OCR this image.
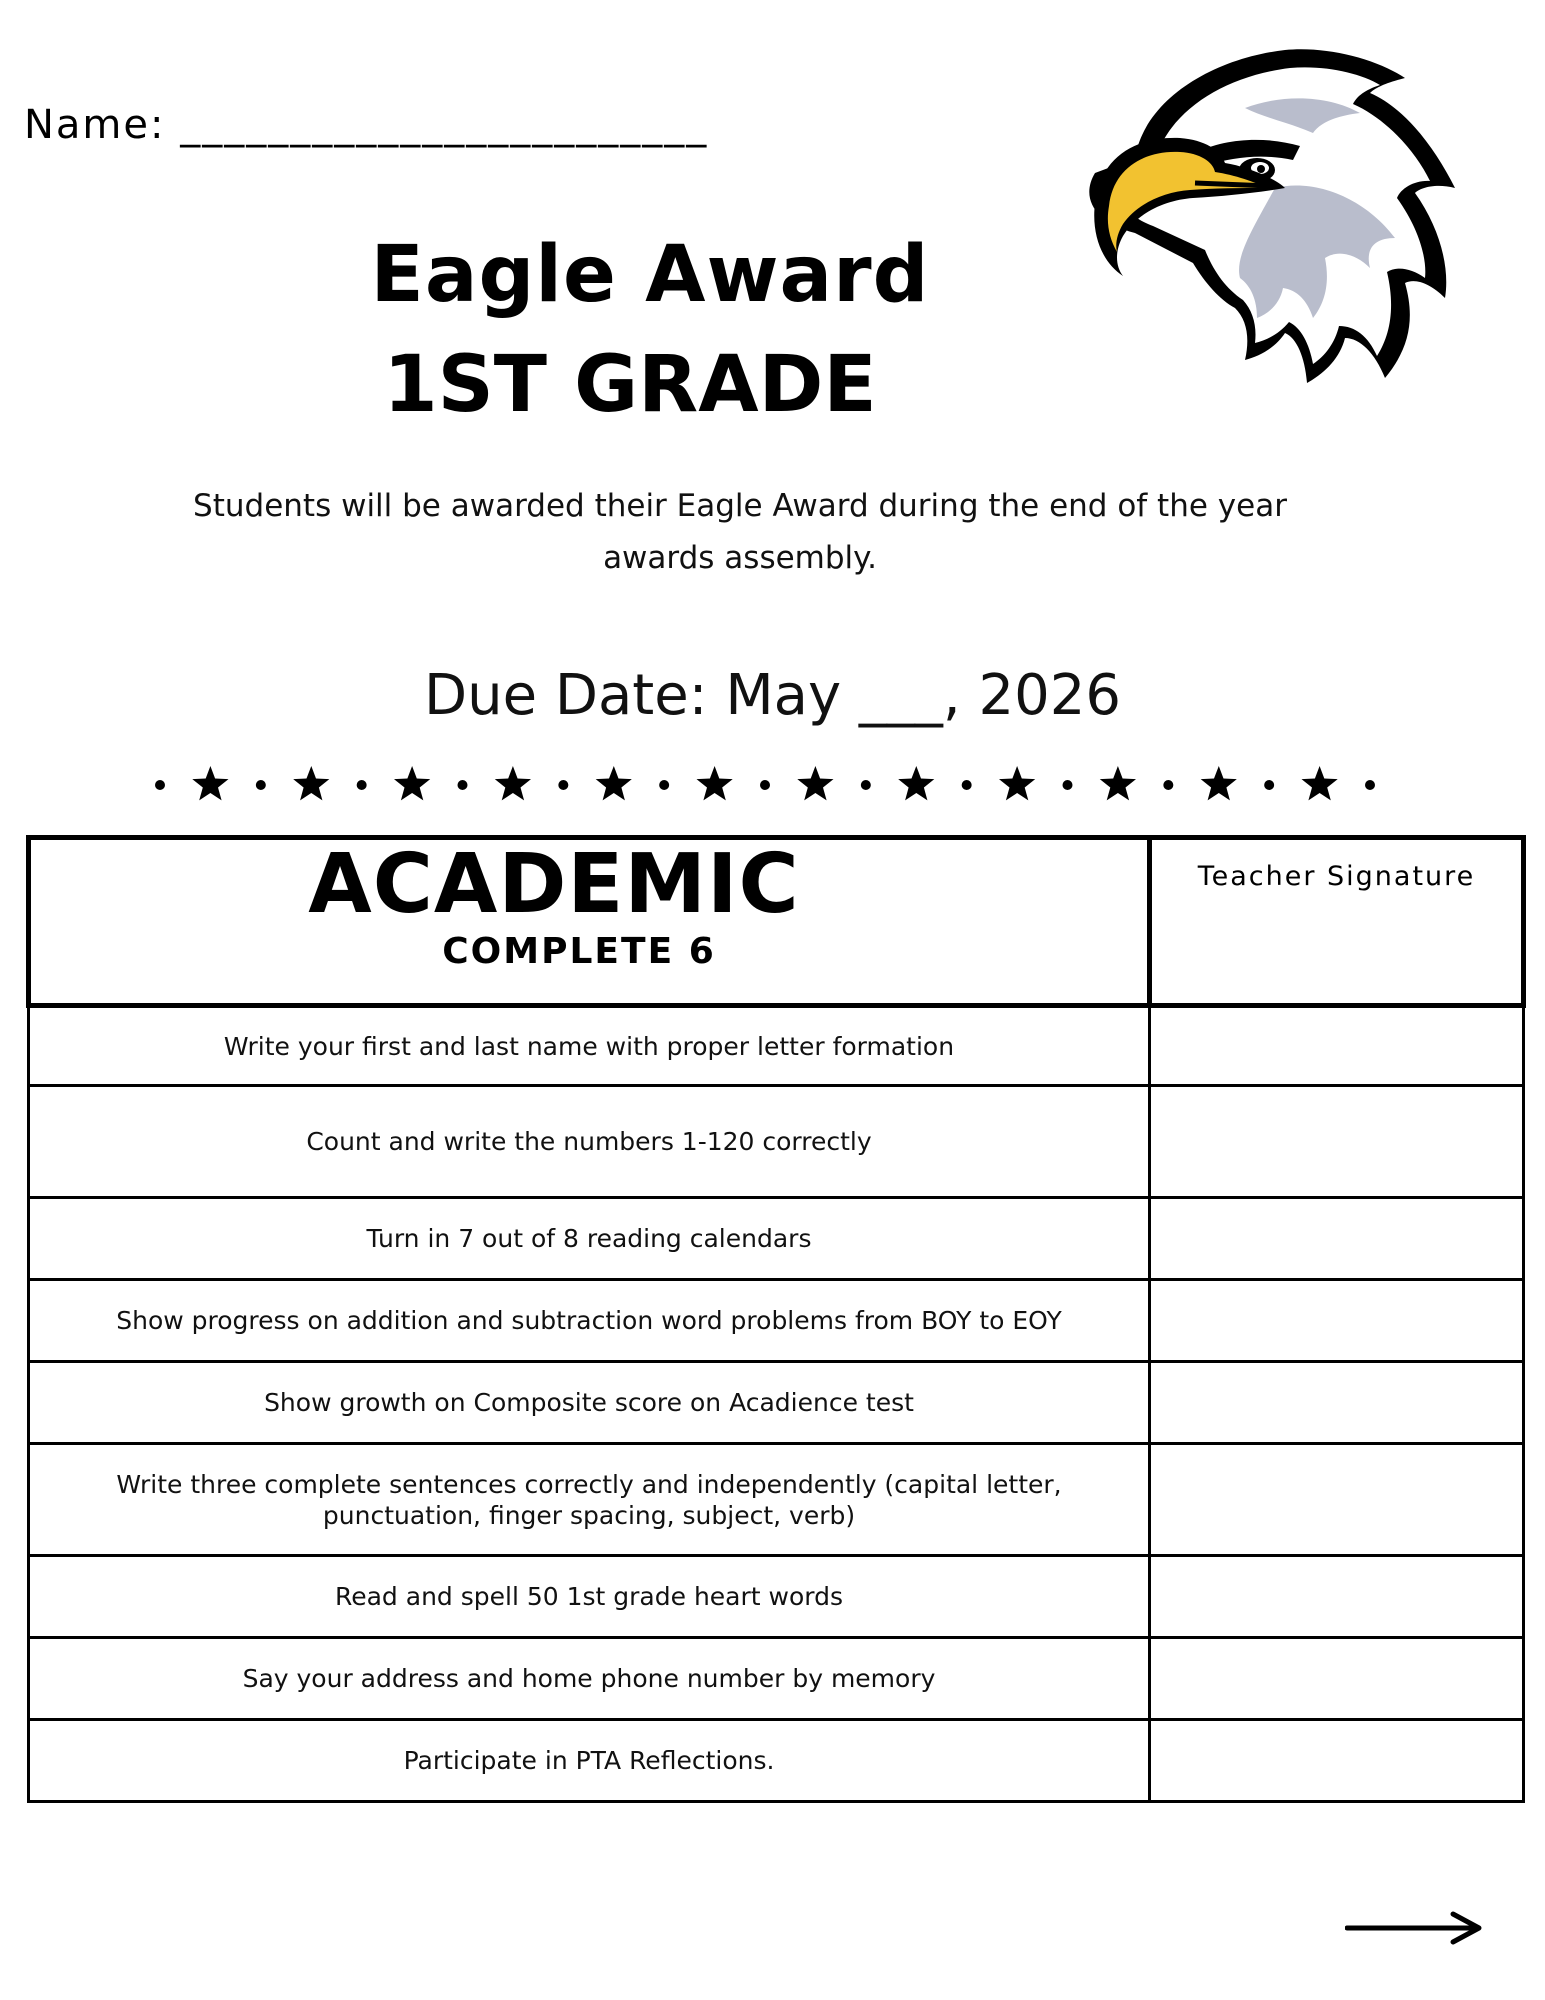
Name: ________________________
Eagle Award
1ST GRADE
Students will be awarded their Eagle Award during the end of the year awards assembly.
Due Date: May ___, 2026
ACADEMIC
COMPLETE 6	Teacher Signature
Write your first and last name with proper letter formation	
Count and write the numbers 1-120 correctly	
Turn in 7 out of 8 reading calendars	
Show progress on addition and subtraction word problems from BOY to EOY	
Show growth on Composite score on Acadience test	
Write three complete sentences correctly and independently (capital letter, punctuation, finger spacing, subject, verb)	
Read and spell 50 1st grade heart words	
Say your address and home phone number by memory	
Participate in PTA Reflections.	
